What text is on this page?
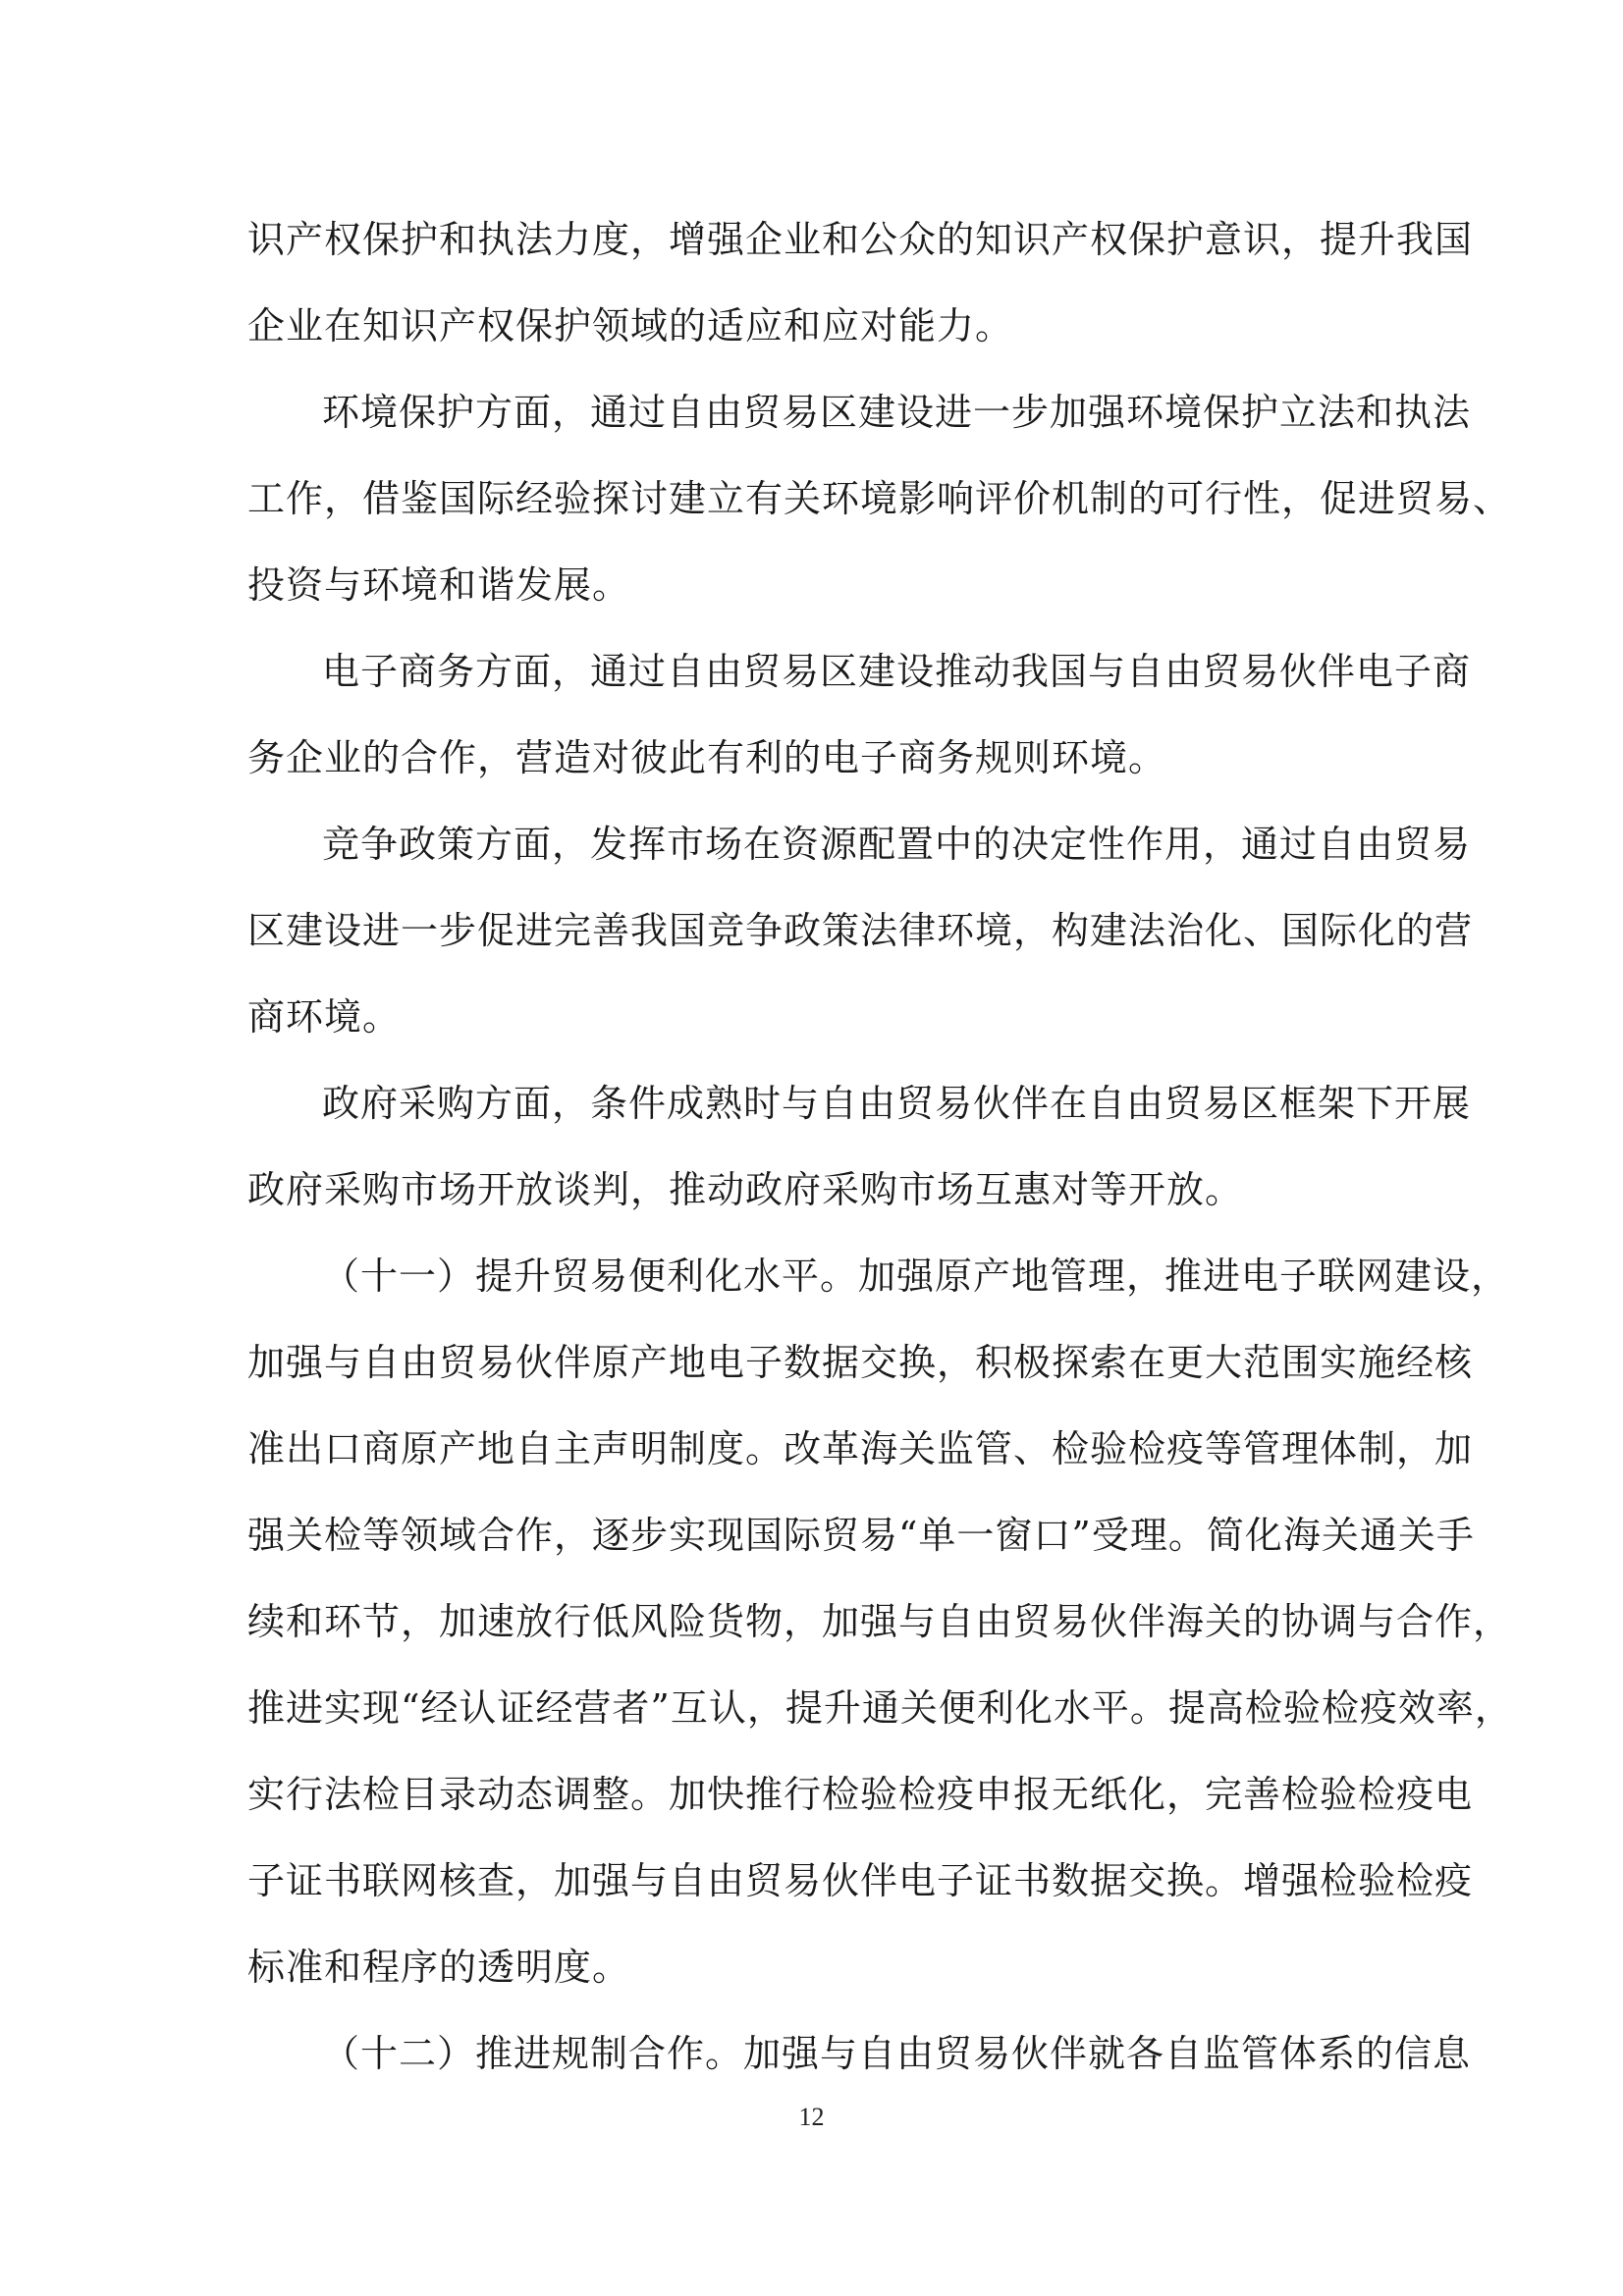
识产权保护和执法力度，增强企业和公众的知识产权保护意识，提升我国
企业在知识产权保护领域的适应和应对能力。
环境保护方面，通过自由贸易区建设进一步加强环境保护立法和执法
工作，借鉴国际经验探讨建立有关环境影响评价机制的可行性，促进贸易、
投资与环境和谐发展。
电子商务方面，通过自由贸易区建设推动我国与自由贸易伙伴电子商
务企业的合作，营造对彼此有利的电子商务规则环境。
竞争政策方面，发挥市场在资源配置中的决定性作用，通过自由贸易
区建设进一步促进完善我国竞争政策法律环境，构建法治化、国际化的营
商环境。
政府采购方面，条件成熟时与自由贸易伙伴在自由贸易区框架下开展
政府采购市场开放谈判，推动政府采购市场互惠对等开放。
（十一）提升贸易便利化水平。加强原产地管理，推进电子联网建设，
加强与自由贸易伙伴原产地电子数据交换，积极探索在更大范围实施经核
准出口商原产地自主声明制度。改革海关监管、检验检疫等管理体制，加
强关检等领域合作，逐步实现国际贸易“单一窗口”受理。简化海关通关手
续和环节，加速放行低风险货物，加强与自由贸易伙伴海关的协调与合作，
推进实现“经认证经营者”互认，提升通关便利化水平。提高检验检疫效率，
实行法检目录动态调整。加快推行检验检疫申报无纸化，完善检验检疫电
子证书联网核查，加强与自由贸易伙伴电子证书数据交换。增强检验检疫
标准和程序的透明度。
（十二）推进规制合作。加强与自由贸易伙伴就各自监管体系的信息
12
